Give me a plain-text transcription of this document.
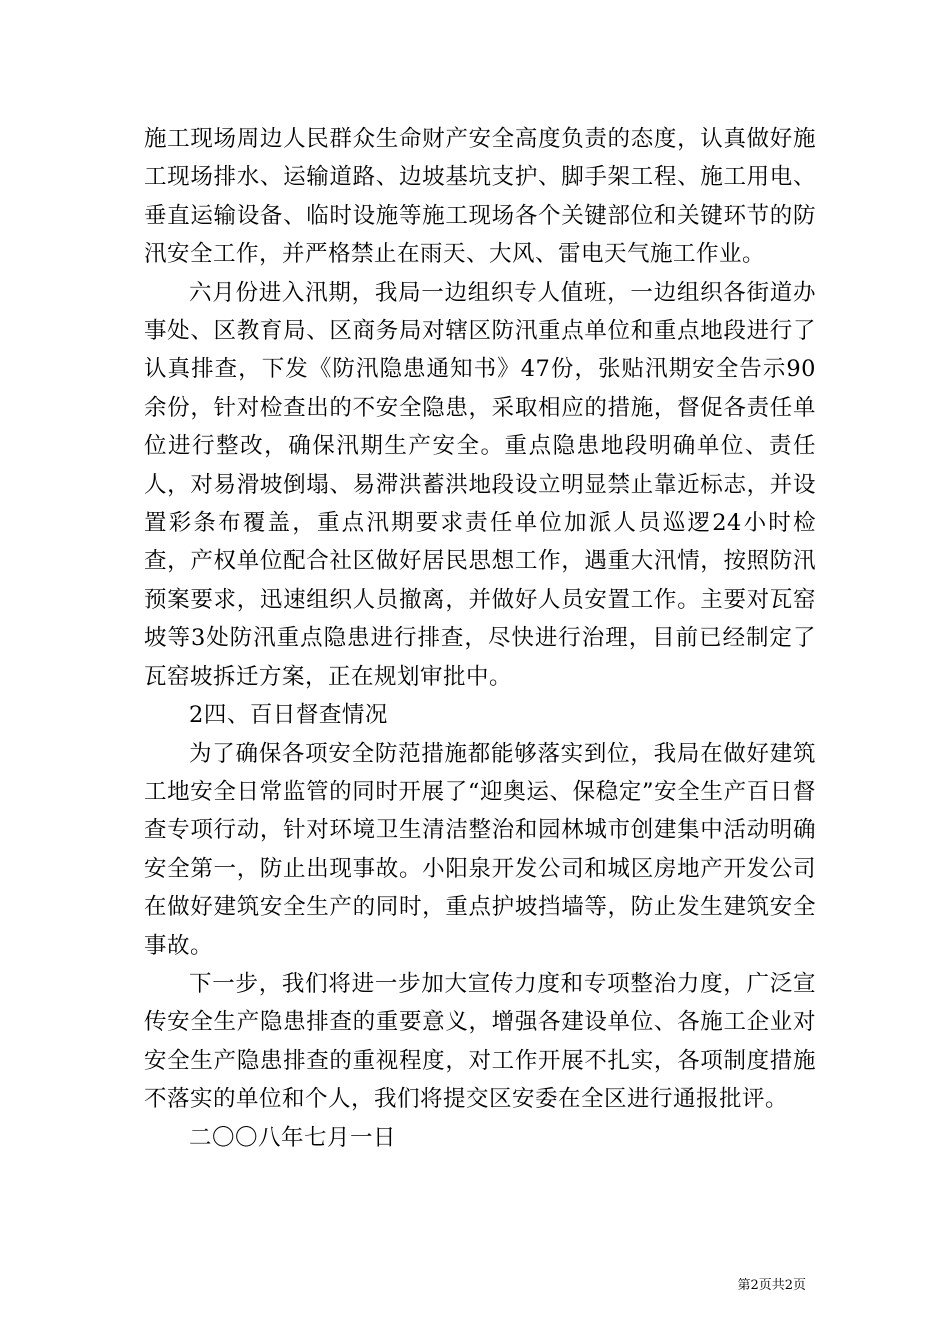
施工现场周边人民群众生命财产安全高度负责的态度，认真做好施工现场排水、运输道路、边坡基坑支护、脚手架工程、施工用电、垂直运输设备、临时设施等施工现场各个关键部位和关键环节的防汛安全工作，并严格禁止在雨天、大风、雷电天气施工作业。

六月份进入汛期，我局一边组织专人值班，一边组织各街道办事处、区教育局、区商务局对辖区防汛重点单位和重点地段进行了认真排查，下发《防汛隐患通知书》47份，张贴汛期安全告示90余份，针对检查出的不安全隐患，采取相应的措施，督促各责任单位进行整改，确保汛期生产安全。重点隐患地段明确单位、责任人，对易滑坡倒塌、易滞洪蓄洪地段设立明显禁止靠近标志，并设置彩条布覆盖，重点汛期要求责任单位加派人员巡逻24小时检查，产权单位配合社区做好居民思想工作，遇重大汛情，按照防汛预案要求，迅速组织人员撤离，并做好人员安置工作。主要对瓦窑坡等3处防汛重点隐患进行排查，尽快进行治理，目前已经制定了瓦窑坡拆迁方案，正在规划审批中。

2四、百日督查情况

为了确保各项安全防范措施都能够落实到位，我局在做好建筑工地安全日常监管的同时开展了“迎奥运、保稳定”安全生产百日督查专项行动，针对环境卫生清洁整治和园林城市创建集中活动明确安全第一，防止出现事故。小阳泉开发公司和城区房地产开发公司在做好建筑安全生产的同时，重点护坡挡墙等，防止发生建筑安全事故。

下一步，我们将进一步加大宣传力度和专项整治力度，广泛宣传安全生产隐患排查的重要意义，增强各建设单位、各施工企业对安全生产隐患排查的重视程度，对工作开展不扎实，各项制度措施不落实的单位和个人，我们将提交区安委在全区进行通报批评。

二〇〇八年七月一日

第2页共2页
